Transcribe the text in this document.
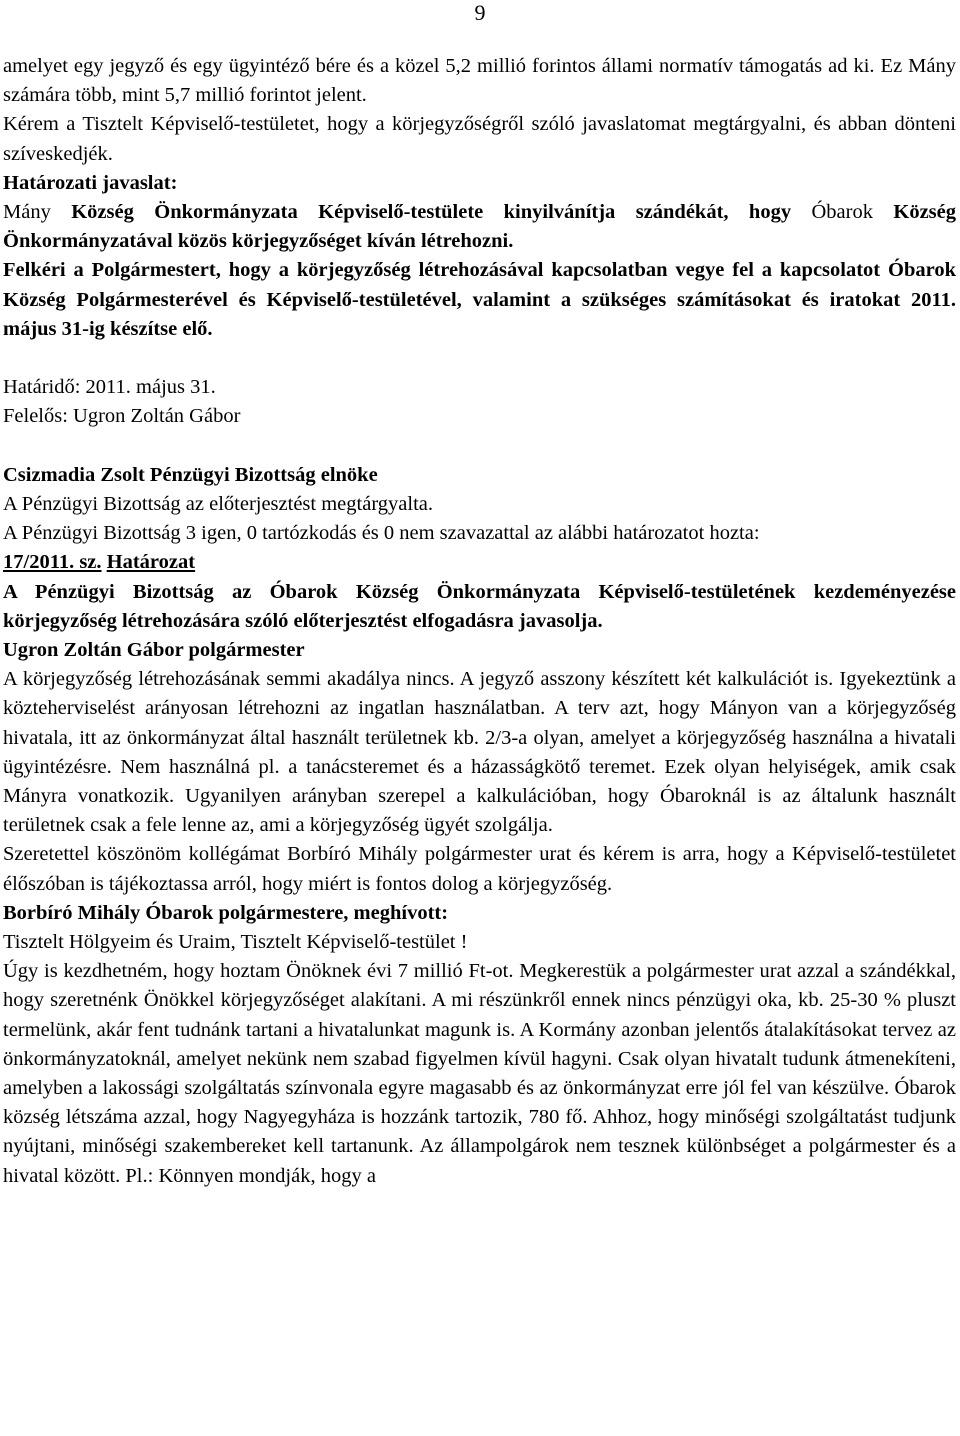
9

amelyet egy jegyző és egy ügyintéző bére és a közel 5,2 millió forintos állami normatív támogatás ad ki. Ez Mány számára több, mint 5,7 millió forintot jelent.

Kérem a Tisztelt Képviselő-testületet, hogy a körjegyzőségről szóló javaslatomat megtárgyalni, és abban dönteni szíveskedjék.

Határozati javaslat:

Mány Község Önkormányzata Képviselő-testülete kinyilvánítja szándékát, hogy Óbarok Község Önkormányzatával közös körjegyzőséget kíván létrehozni.

Felkéri a Polgármestert, hogy a körjegyzőség létrehozásával kapcsolatban vegye fel a kapcsolatot Óbarok Község Polgármesterével és Képviselő-testületével, valamint a szükséges számításokat és iratokat 2011. május 31-ig készítse elő.

Határidő: 2011. május 31.

Felelős: Ugron Zoltán Gábor

Csizmadia Zsolt Pénzügyi Bizottság elnöke

A Pénzügyi Bizottság az előterjesztést megtárgyalta.

A Pénzügyi Bizottság 3 igen, 0 tartózkodás és 0 nem szavazattal az alábbi határozatot hozta:

17/2011. sz. Határozat

A Pénzügyi Bizottság az Óbarok Község Önkormányzata Képviselő-testületének kezdeményezése körjegyzőség létrehozására szóló előterjesztést elfogadásra javasolja.

Ugron Zoltán Gábor polgármester

A körjegyzőség létrehozásának semmi akadálya nincs. A jegyző asszony készített két kalkulációt is. Igyekeztünk a közteherviselést arányosan létrehozni az ingatlan használatban. A terv azt, hogy Mányon van a körjegyzőség hivatala, itt az önkormányzat által használt területnek kb. 2/3-a olyan, amelyet a körjegyzőség használna a hivatali ügyintézésre. Nem használná pl. a tanácsteremet és a házasságkötő teremet. Ezek olyan helyiségek, amik csak Mányra vonatkozik. Ugyanilyen arányban szerepel a kalkulációban, hogy Óbaroknál is az általunk használt területnek csak a fele lenne az, ami a körjegyzőség ügyét szolgálja.

Szeretettel köszönöm kollégámat Borbíró Mihály polgármester urat és kérem is arra, hogy a Képviselő-testületet élőszóban is tájékoztassa arról, hogy miért is fontos dolog a körjegyzőség.

Borbíró Mihály Óbarok polgármestere, meghívott:

Tisztelt Hölgyeim és Uraim, Tisztelt Képviselő-testület !

Úgy is kezdhetném, hogy hoztam Önöknek évi 7 millió Ft-ot. Megkerestük a polgármester urat azzal a szándékkal, hogy szeretnénk Önökkel körjegyzőséget alakítani. A mi részünkről ennek nincs pénzügyi oka, kb. 25-30 % pluszt termelünk, akár fent tudnánk tartani a hivatalunkat magunk is. A Kormány azonban jelentős átalakításokat tervez az önkormányzatoknál, amelyet nekünk nem szabad figyelmen kívül hagyni. Csak olyan hivatalt tudunk átmenekíteni, amelyben a lakossági szolgáltatás színvonala egyre magasabb és az önkormányzat erre jól fel van készülve. Óbarok község létszáma azzal, hogy Nagyegyháza is hozzánk tartozik, 780 fő. Ahhoz, hogy minőségi szolgáltatást tudjunk nyújtani, minőségi szakembereket kell tartanunk. Az állampolgárok nem tesznek különbséget a polgármester és a hivatal között. Pl.: Könnyen mondják, hogy a
